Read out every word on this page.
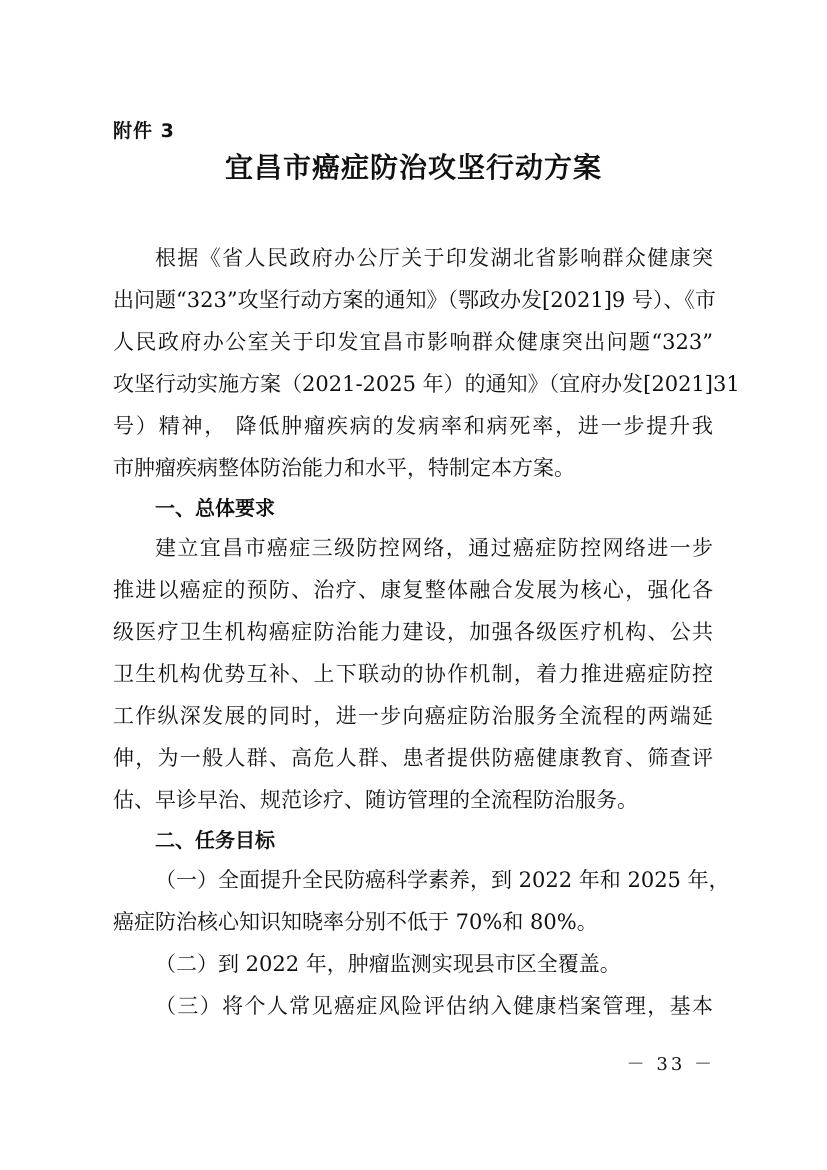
附件 3
宜昌市癌症防治攻坚行动方案
根据《省人民政府办公厅关于印发湖北省影响群众健康突
出问题“323”攻坚行动方案的通知》（鄂政办发[2021]9 号）、《市
人民政府办公室关于印发宜昌市影响群众健康突出问题“323”
攻坚行动实施方案（2021-2025 年）的通知》（宜府办发[2021]31
号）精神， 降低肿瘤疾病的发病率和病死率，进一步提升我
市肿瘤疾病整体防治能力和水平，特制定本方案。
一、总体要求
建立宜昌市癌症三级防控网络，通过癌症防控网络进一步
推进以癌症的预防、治疗、康复整体融合发展为核心，强化各
级医疗卫生机构癌症防治能力建设，加强各级医疗机构、公共
卫生机构优势互补、上下联动的协作机制，着力推进癌症防控
工作纵深发展的同时，进一步向癌症防治服务全流程的两端延
伸，为一般人群、高危人群、患者提供防癌健康教育、筛查评
估、早诊早治、规范诊疗、随访管理的全流程防治服务。
二、任务目标
（一）全面提升全民防癌科学素养，到 2022 年和 2025 年，
癌症防治核心知识知晓率分别不低于 70%和 80%。
（二）到 2022 年，肿瘤监测实现县市区全覆盖。
（三）将个人常见癌症风险评估纳入健康档案管理，基本
－ 33 －
